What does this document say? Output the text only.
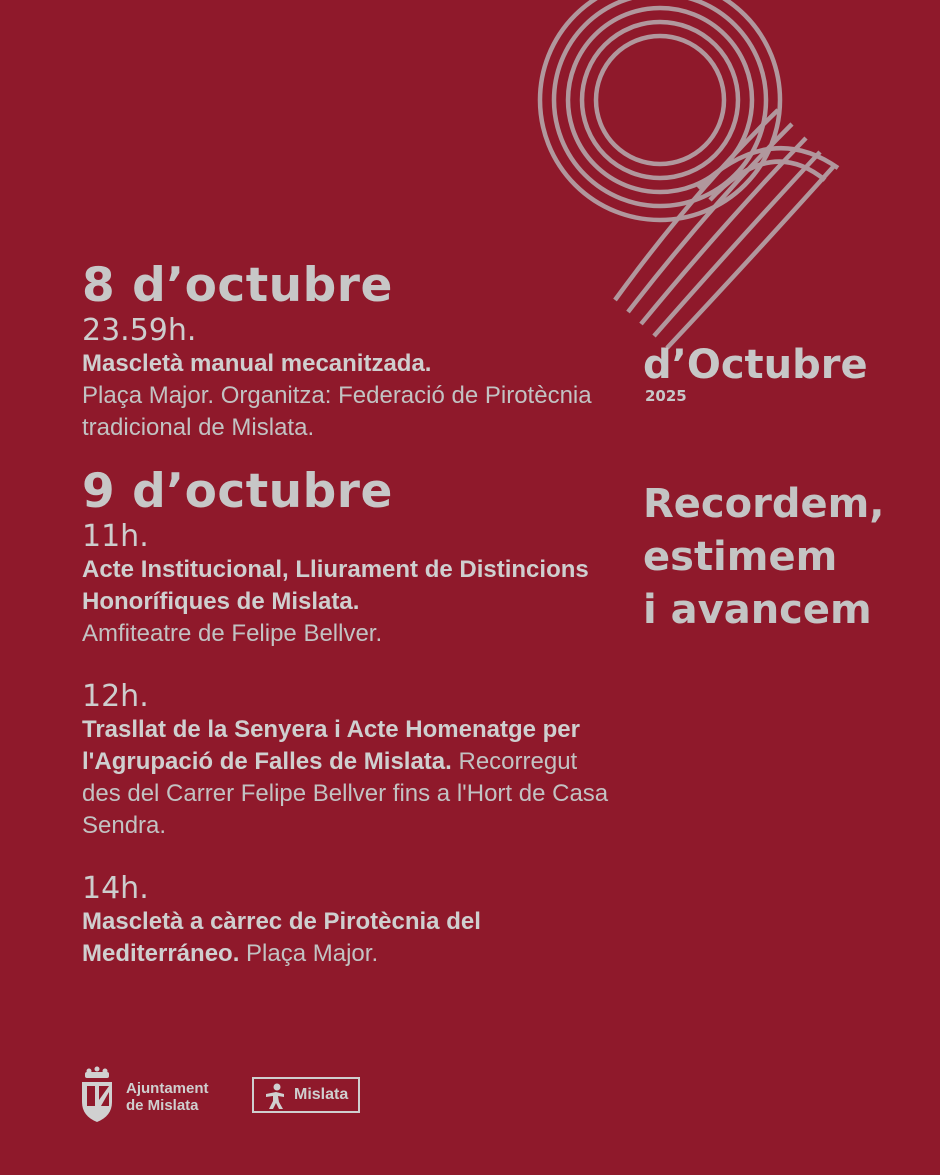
8 d’octubre
23.59h.

Mascletà manual mecanitzada.
Plaça Major. Organitza: Federació de Pirotècnia tradicional de Mislata.

9 d’octubre
11h.

Acte Institucional, Lliurament de Distincions Honorífiques de Mislata.
Amfiteatre de Felipe Bellver.

12h.

Trasllat de la Senyera i Acte Homenatge per l'Agrupació de Falles de Mislata. Recorregut des del Carrer Felipe Bellver fins a l'Hort de Casa Sendra.

14h.

Mascletà a càrrec de Pirotècnia del Mediterráneo. Plaça Major.

d’Octubre
2025
Recordem,
estimem
i avancem
Ajuntament
de Mislata
Mislata
